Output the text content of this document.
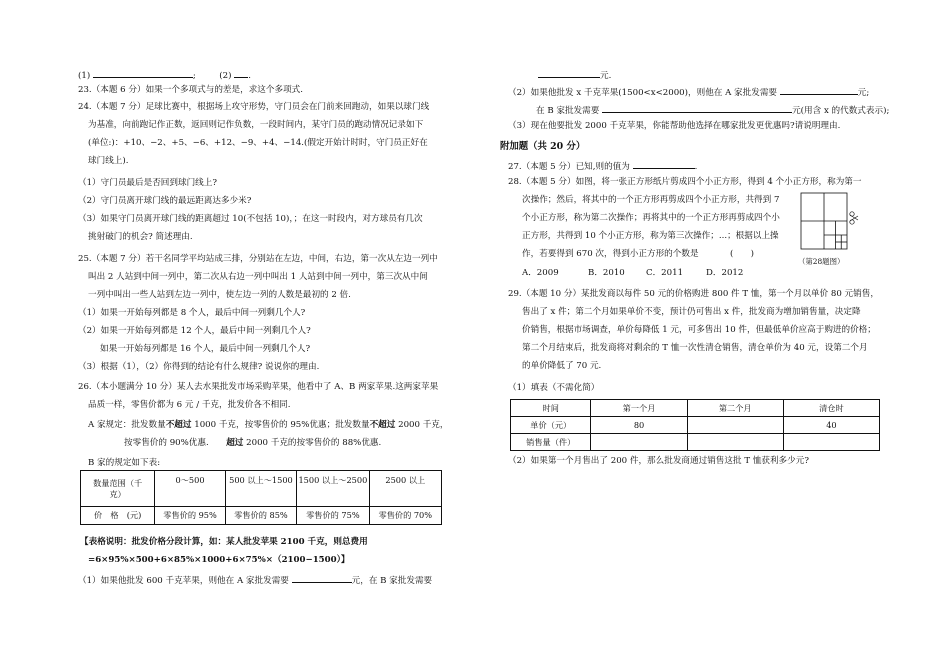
(1)	;	(2) .
23.（本题 6 分）如果一个多项式与的差是，求这个多项式.
24.（本题 7 分）足球比赛中，根据场上攻守形势，守门员会在门前来回跑动，如果以球门线
为基准，向前跑记作正数，返回则记作负数，一段时间内，某守门员的跑动情况记录如下
(单位:)：+10、−2、+5、−6、+12、−9、+4、−14.(假定开始计时时，守门员正好在
球门线上).
（1）守门员最后是否回到球门线上?
（2）守门员离开球门线的最远距离达多少米?
（3）如果守门员离开球门线的距离超过 10(不包括 10)，；在这一时段内，对方球员有几次
挑射破门的机会? 简述理由.
25.（本题 7 分）若干名同学平均站成三排，分别站在左边，中间，右边，第一次从左边一列中
叫出 2 人站到中间一列中，第二次从右边一列中叫出 1 人站到中间一列中，第三次从中间
一列中叫出一些人站到左边一列中，使左边一列的人数是最初的 2 倍.
（1）如果一开始每列都是 8 个人，最后中间一列剩几个人?
（2）如果一开始每列都是 12 个人，最后中间一列剩几个人?
如果一开始每列都是 16 个人，最后中间一列剩几个人?
（3）根据（1），（2）你得到的结论有什么规律? 说说你的理由.
26.（本小题满分 10 分）某人去水果批发市场采购苹果，他看中了 A、B 两家苹果.这两家苹果
品质一样，零售价都为 6 元 / 千克，批发价各不相同.
A 家规定：批发数量不超过 1000 千克，按零售价的 95%优惠；批发数量不超过 2000 千克，
按零售价的 90%优惠. 超过 2000 千克的按零售价的 88%优惠.
B 家的规定如下表:
数量范围（千
克）	0～500	500 以上～1500	1500 以上～2500	2500 以上
价　格　(元)	零售价的 95%	零售价的 85%	零售价的 75%	零售价的 70%
【表格说明：批发价格分段计算，如：某人批发苹果 2100 千克，则总费用
=6×95%×500+6×85%×1000+6×75%×（2100−1500）】
（1）如果他批发 600 千克苹果，则他在 A 家批发需要	元，在 B 家批发需要
元.
（2）如果他批发 x 千克苹果(1500<x<2000)，则他在 A 家批发需要	元;
在 B 家批发需要	元(用含 x 的代数式表示);
（3）现在他要批发 2000 千克苹果，你能帮助他选择在哪家批发更优惠吗?请说明理由.
附加题（共 20 分）
27.（本题 5 分）已知,则的值为	.
28.（本题 5 分）如图，将一张正方形纸片剪成四个小正方形，得到 4 个小正方形，称为第一
次操作；然后，将其中的一个正方形再剪成四个小正方形，共得到 7
个小正方形，称为第二次操作；再将其中的一个正方形再剪成四个小
正方形，共得到 10 个小正方形，称为第三次操作；...；根据以上操
作，若要得到 670 次，得到小正方形的个数是	(　　)
A．2009	B．2010 C．2011	D．2012
（第28题图）
29.（本题 10 分）某批发商以每件 50 元的价格购进 800 件 T 恤，第一个月以单价 80 元销售，
售出了 x 件；第二个月如果单价不变，预计仍可售出 x 件，批发商为增加销售量，决定降
价销售，根据市场调查，单价每降低 1 元，可多售出 10 件，但最低单价应高于购进的价格；
第二个月结束后，批发商将对剩余的 T 恤一次性清仓销售，清仓单价为 40 元，设第二个月
的单价降低了 70 元.
（1）填表（不需化简）
时间	第一个月	第二个月	清仓时
单价（元）	80		40
销售量（件）			
（2）如果第一个月售出了 200 件，那么批发商通过销售这批 T 恤获利多少元?
